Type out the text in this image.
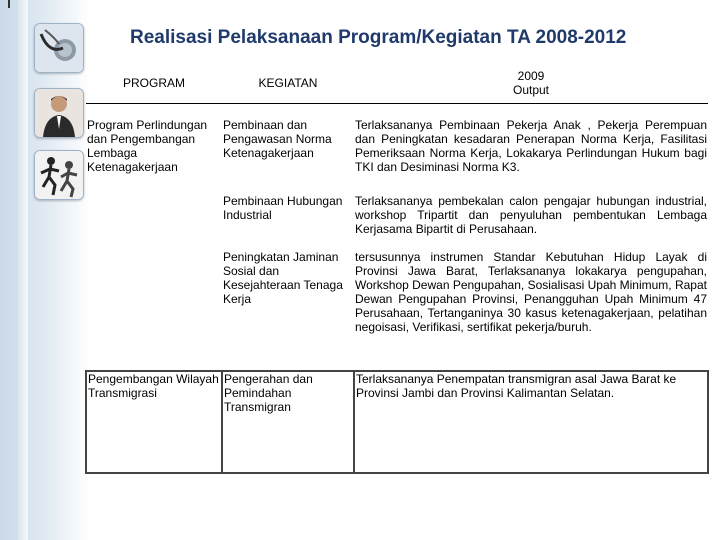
Realisasi Pelaksanaan Program/Kegiatan TA 2008-2012
PROGRAM	KEGIATAN	2009
Output

Program Perlindungan dan Pengembangan Lembaga Ketenagakerjaan	Pembinaan dan Pengawasan Norma Ketenagakerjaan	Terlaksananya Pembinaan Pekerja Anak , Pekerja Perempuan dan Peningkatan kesadaran Penerapan Norma Kerja, Fasilitasi Pemeriksaan Norma Kerja, Lokakarya Perlindungan Hukum bagi TKI dan Desiminasi Norma K3.
	Pembinaan Hubungan Industrial	Terlaksananya pembekalan calon pengajar hubungan industrial, workshop Tripartit dan penyuluhan pembentukan Lembaga Kerjasama Bipartit di Perusahaan.
	Peningkatan Jaminan Sosial dan Kesejahteraan Tenaga Kerja	tersusunnya instrumen Standar Kebutuhan Hidup Layak di Provinsi Jawa Barat, Terlaksananya lokakarya pengupahan, Workshop Dewan Pengupahan, Sosialisasi Upah Minimum, Rapat Dewan Pengupahan Provinsi, Penangguhan Upah Minimum 47 Perusahaan, Tertanganinya 30 kasus ketenagakerjaan, pelatihan negoisasi, Verifikasi, sertifikat pekerja/buruh.
Pengembangan Wilayah Transmigrasi	Pengerahan dan Pemindahan Transmigran	Terlaksananya Penempatan transmigran asal Jawa Barat ke Provinsi Jambi dan Provinsi Kalimantan Selatan.
